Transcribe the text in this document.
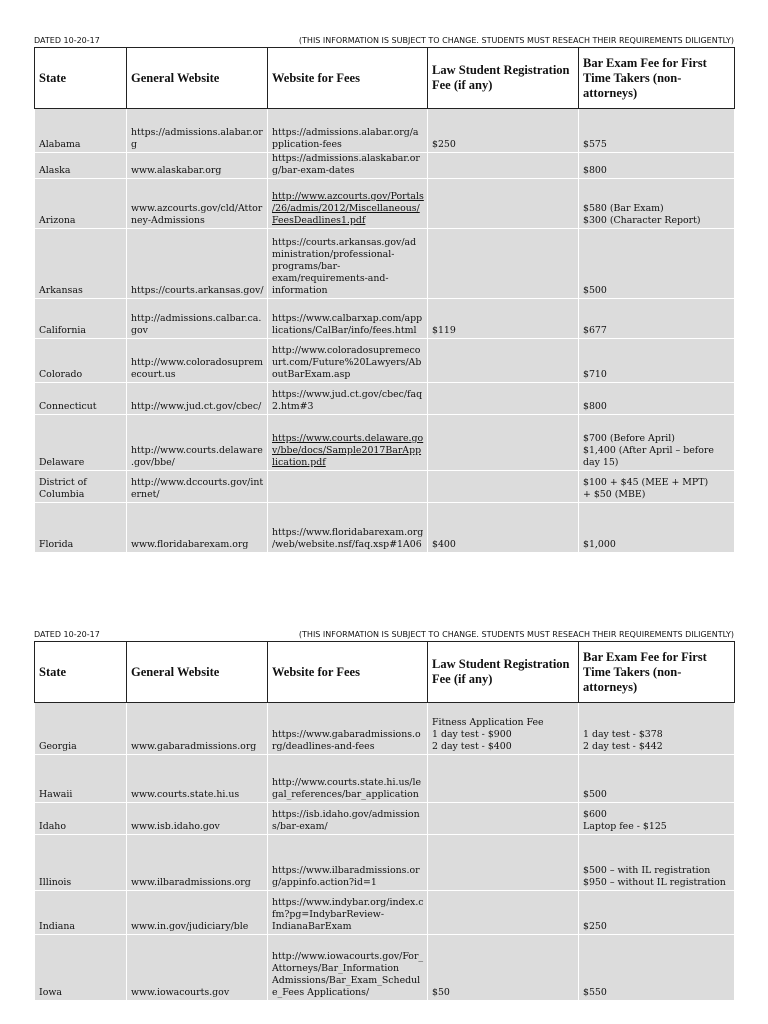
DATED 10-20-17	(THIS INFORMATION IS SUBJECT TO CHANGE. STUDENTS MUST RESEACH THEIR REQUIREMENTS DILIGENTLY)
State	General Website	Website for Fees	Law Student Registration Fee (if any)	Bar Exam Fee for First Time Takers (non-attorneys)
Alabama	https://admissions.alabar.org	https://admissions.alabar.org/application-fees	$250	$575
Alaska	www.alaskabar.org	https://admissions.alaskabar.org/bar-exam-dates		$800
Arizona	www.azcourts.gov/cld/Attorney-Admissions	http://www.azcourts.gov/Portals/26/admis/2012/Miscellaneous/FeesDeadlines1.pdf		$580 (Bar Exam)
$300 (Character Report)

Arkansas	https://courts.arkansas.gov/	https://courts.arkansas.gov/administration/professional-programs/bar-exam/requirements-and-information		$500
California	http://admissions.calbar.ca.gov	https://www.calbarxap.com/applications/CalBar/info/fees.html	$119	$677
Colorado	http://www.coloradosupremecourt.us	http://www.coloradosupremecourt.com/Future%20Lawyers/AboutBarExam.asp		$710
Connecticut	http://www.jud.ct.gov/cbec/	https://www.jud.ct.gov/cbec/faq2.htm#3		$800
Delaware	http://www.courts.delaware.gov/bbe/	https://www.courts.delaware.gov/bbe/docs/Sample2017BarApplication.pdf		$700 (Before April)
$1,400 (After April – before day 15)

District of Columbia	http://www.dccourts.gov/internet/			$100 + $45 (MEE + MPT)
+ $50 (MBE)

Florida	www.floridabarexam.org	https://www.floridabarexam.org/web/website.nsf/faq.xsp#1A06	$400	$1,000
DATED 10-20-17	(THIS INFORMATION IS SUBJECT TO CHANGE. STUDENTS MUST RESEACH THEIR REQUIREMENTS DILIGENTLY)
State	General Website	Website for Fees	Law Student Registration Fee (if any)	Bar Exam Fee for First Time Takers (non-attorneys)
Georgia	www.gabaradmissions.org	https://www.gabaradmissions.org/deadlines-and-fees	Fitness Application Fee
1 day test - $900
2 day test - $400	1 day test - $378
2 day test - $442

Hawaii	www.courts.state.hi.us	http://www.courts.state.hi.us/legal_references/bar_application		$500
Idaho	www.isb.idaho.gov	https://isb.idaho.gov/admissions/bar-exam/		$600
Laptop fee - $125

Illinois	www.ilbaradmissions.org	https://www.ilbaradmissions.org/appinfo.action?id=1		$500 – with IL registration
$950 – without IL registration

Indiana	www.in.gov/judiciary/ble	https://www.indybar.org/index.cfm?pg=IndybarReview-IndianaBarExam		$250
Iowa	www.iowacourts.gov	http://www.iowacourts.gov/For_Attorneys/Bar_Information Admissions/Bar_Exam_Schedule_Fees Applications/	$50	$550
